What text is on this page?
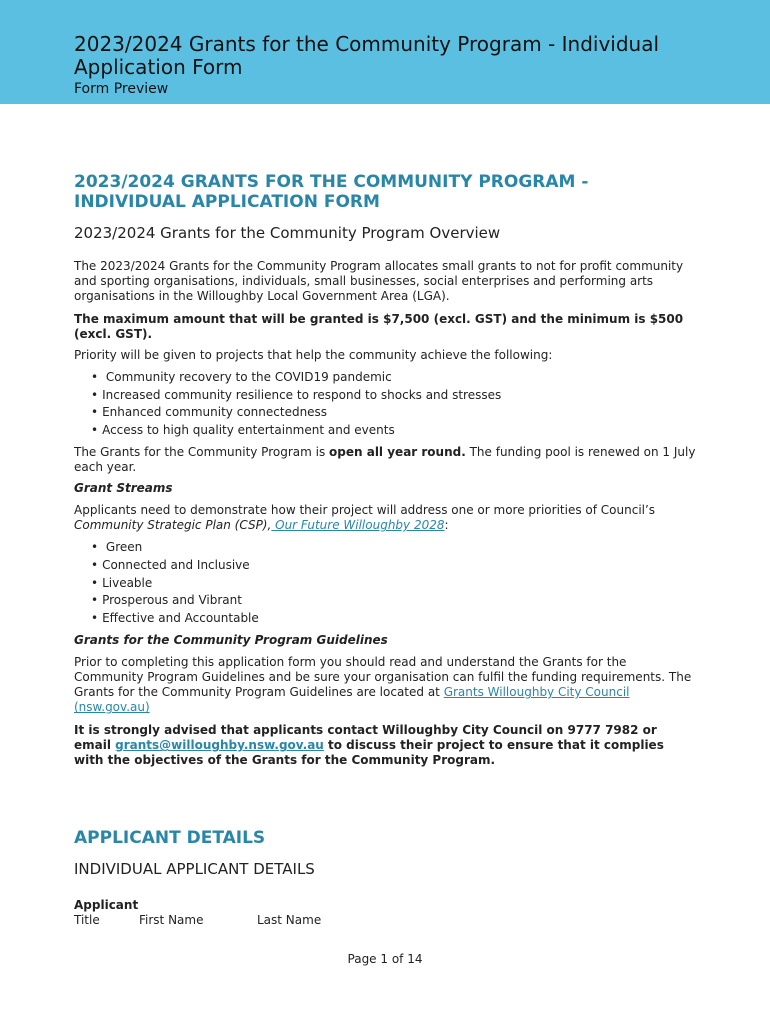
2023/2024 Grants for the Community Program - Individual Application Form
Form Preview
2023/2024 GRANTS FOR THE COMMUNITY PROGRAM - INDIVIDUAL APPLICATION FORM
2023/2024 Grants for the Community Program Overview

The 2023/2024 Grants for the Community Program allocates small grants to not for profit community and sporting organisations, individuals, small businesses, social enterprises and performing arts organisations in the Willoughby Local Government Area (LGA).

The maximum amount that will be granted is $7,500 (excl. GST) and the minimum is $500 (excl. GST).

Priority will be given to projects that help the community achieve the following:

• Community recovery to the COVID19 pandemic
• Increased community resilience to respond to shocks and stresses
• Enhanced community connectedness
• Access to high quality entertainment and events

The Grants for the Community Program is open all year round. The funding pool is renewed on 1 July each year.

Grant Streams

Applicants need to demonstrate how their project will address one or more priorities of Council’s Community Strategic Plan (CSP), Our Future Willoughby 2028:

• Green
• Connected and Inclusive
• Liveable
• Prosperous and Vibrant
• Effective and Accountable
Grants for the Community Program Guidelines

Prior to completing this application form you should read and understand the Grants for the Community Program Guidelines and be sure your organisation can fulfil the funding requirements. The Grants for the Community Program Guidelines are located at Grants Willoughby City Council (nsw.gov.au)

It is strongly advised that applicants contact Willoughby City Council on 9777 7982 or email grants@willoughby.nsw.gov.au to discuss their project to ensure that it complies with the objectives of the Grants for the Community Program.

APPLICANT DETAILS
INDIVIDUAL APPLICANT DETAILS
Applicant
Title	First Name	Last Name
Page 1 of 14
